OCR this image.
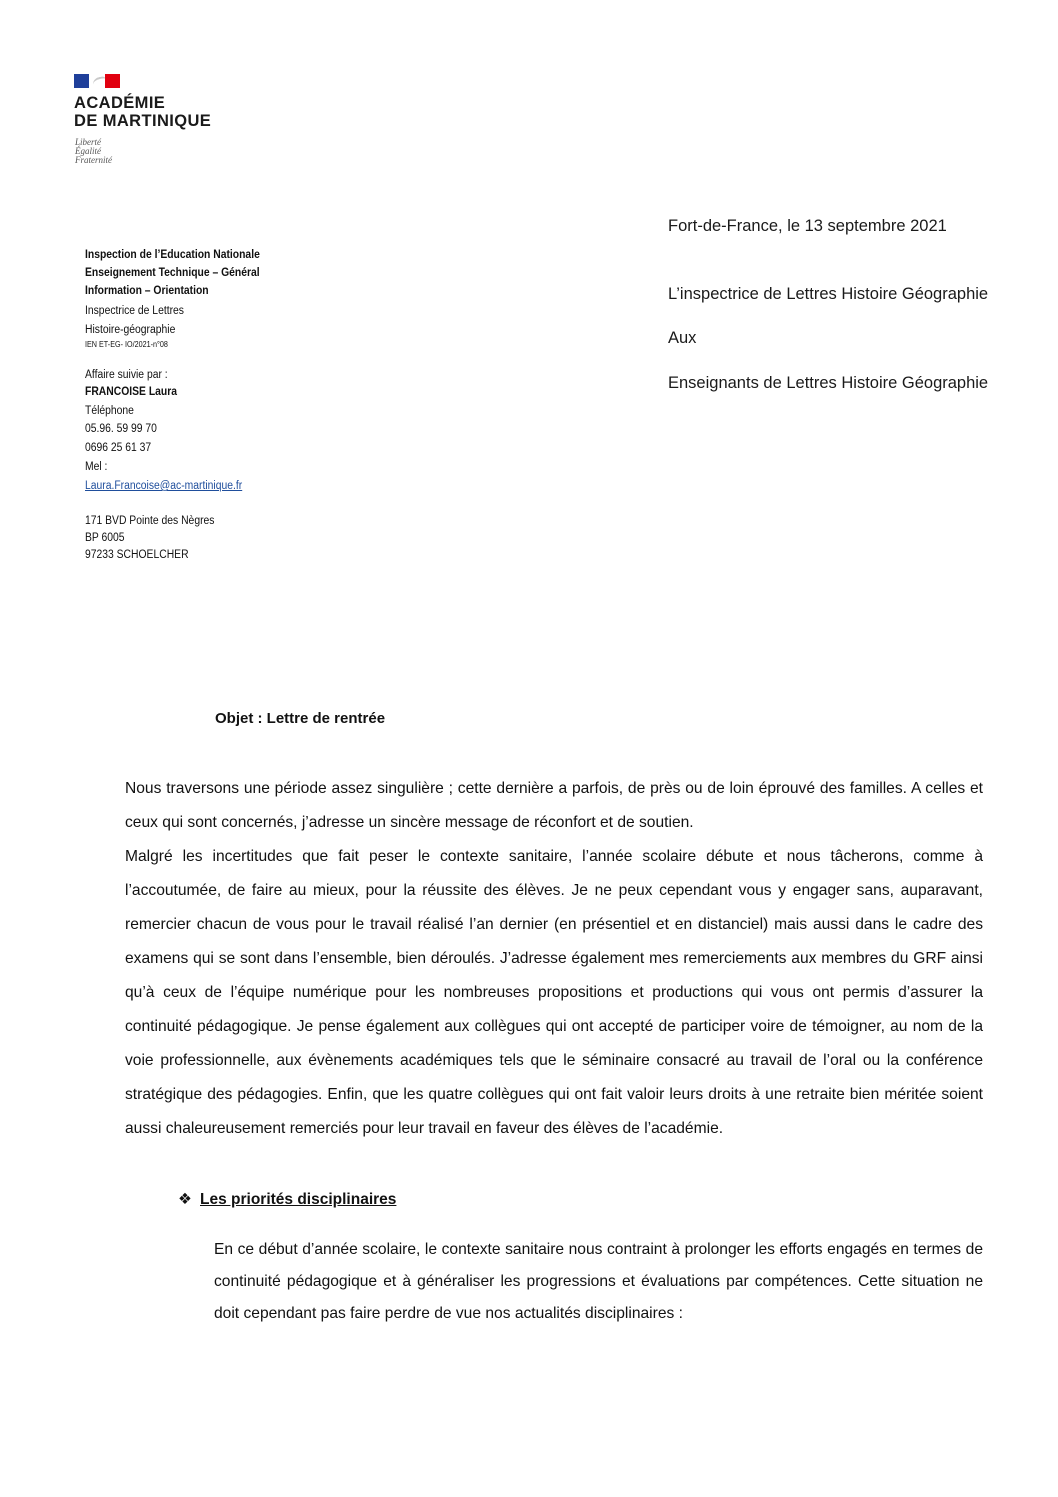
ACADÉMIE
DE MARTINIQUE
Liberté
Égalité
Fraternité
Inspection de l’Education Nationale
Enseignement Technique – Général
Information – Orientation
Inspectrice de Lettres
Histoire-géographie
IEN ET-EG- IO/2021-n°08
Affaire suivie par :
FRANCOISE Laura
Téléphone
05.96. 59 99 70
0696 25 61 37
Mel :
Laura.Francoise@ac-martinique.fr
171 BVD Pointe des Nègres
BP 6005
97233 SCHOELCHER
Fort-de-France, le 13 septembre 2021
L’inspectrice de Lettres Histoire Géographie
Aux
Enseignants de Lettres Histoire Géographie
Objet : Lettre de rentrée

Nous traversons une période assez singulière ; cette dernière a parfois, de près ou de loin éprouvé des familles. A celles et ceux qui sont concernés, j’adresse un sincère message de réconfort et de soutien.

Malgré les incertitudes que fait peser le contexte sanitaire, l’année scolaire débute et nous tâcherons, comme à l’accoutumée, de faire au mieux, pour la réussite des élèves. Je ne peux cependant vous y engager sans, auparavant, remercier chacun de vous pour le travail réalisé l’an dernier (en présentiel et en distanciel) mais aussi dans le cadre des examens qui se sont dans l’ensemble, bien déroulés. J’adresse également mes remerciements aux membres du GRF ainsi qu’à ceux de l’équipe numérique pour les nombreuses propositions et productions qui vous ont permis d’assurer la continuité pédagogique. Je pense également aux collègues qui ont accepté de participer voire de témoigner, au nom de la voie professionnelle, aux évènements académiques tels que le séminaire consacré au travail de l’oral ou la conférence stratégique des pédagogies. Enfin, que les quatre collègues qui ont fait valoir leurs droits à une retraite bien méritée soient aussi chaleureusement remerciés pour leur travail en faveur des élèves de l’académie.

❖ Les priorités disciplinaires

En ce début d’année scolaire, le contexte sanitaire nous contraint à prolonger les efforts engagés en termes de continuité pédagogique et à généraliser les progressions et évaluations par compétences. Cette situation ne doit cependant pas faire perdre de vue nos actualités disciplinaires :
